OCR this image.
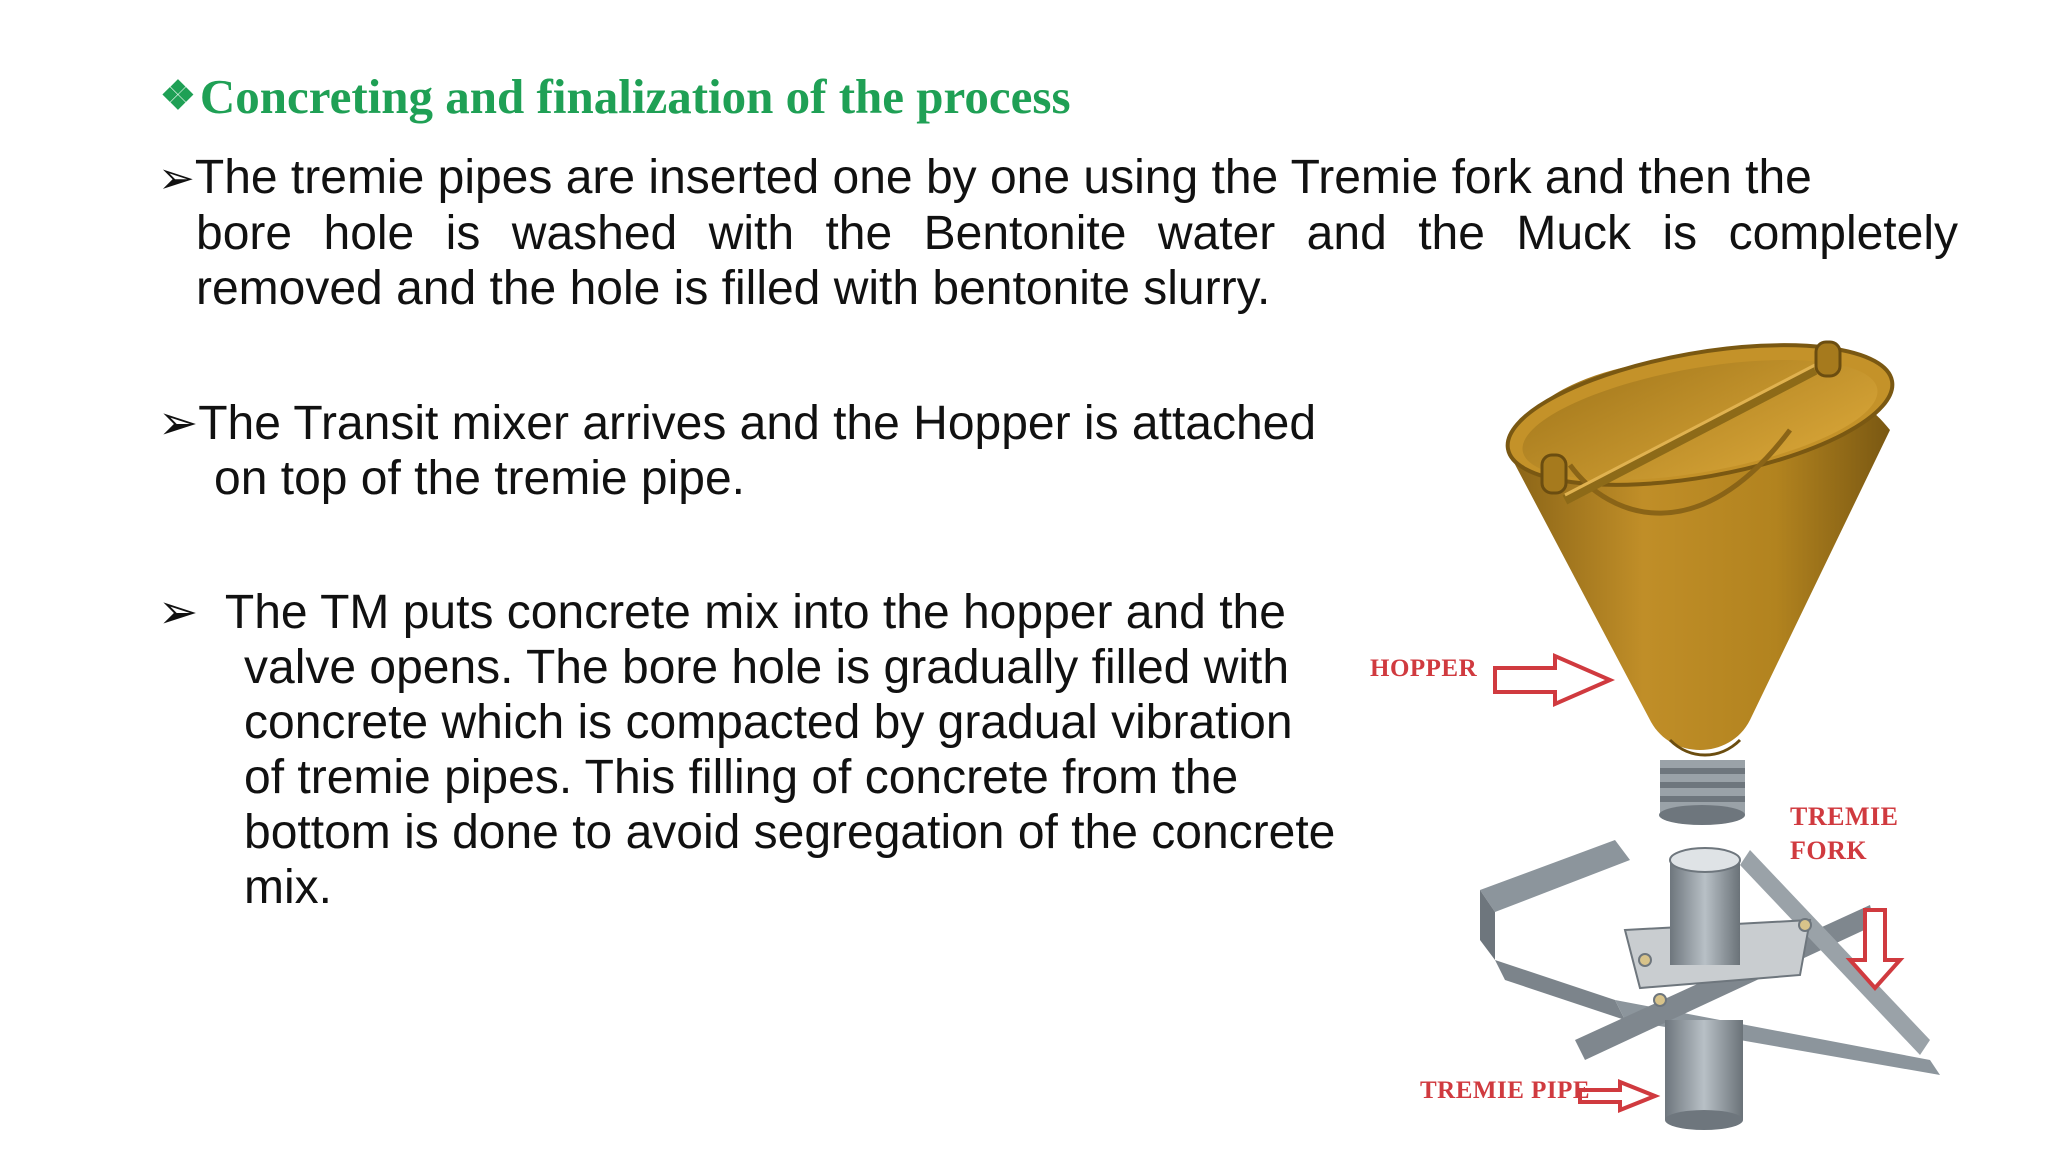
❖Concreting and finalization of the process
➢The tremie pipes are inserted one by one using the Tremie fork and then the
bore hole is washed with the Bentonite water and the Muck is completely
removed and the hole is filled with bentonite slurry.
➢The Transit mixer arrives and the Hopper is attached
on top of the tremie pipe.
➢ The TM puts concrete mix into the hopper and the
valve opens. The bore hole is gradually filled with
concrete which is compacted by gradual vibration
of tremie pipes. This filling of concrete from the
bottom is done to avoid segregation of the concrete
mix.
HOPPER
TREMIE
FORK
TREMIE PIPE
